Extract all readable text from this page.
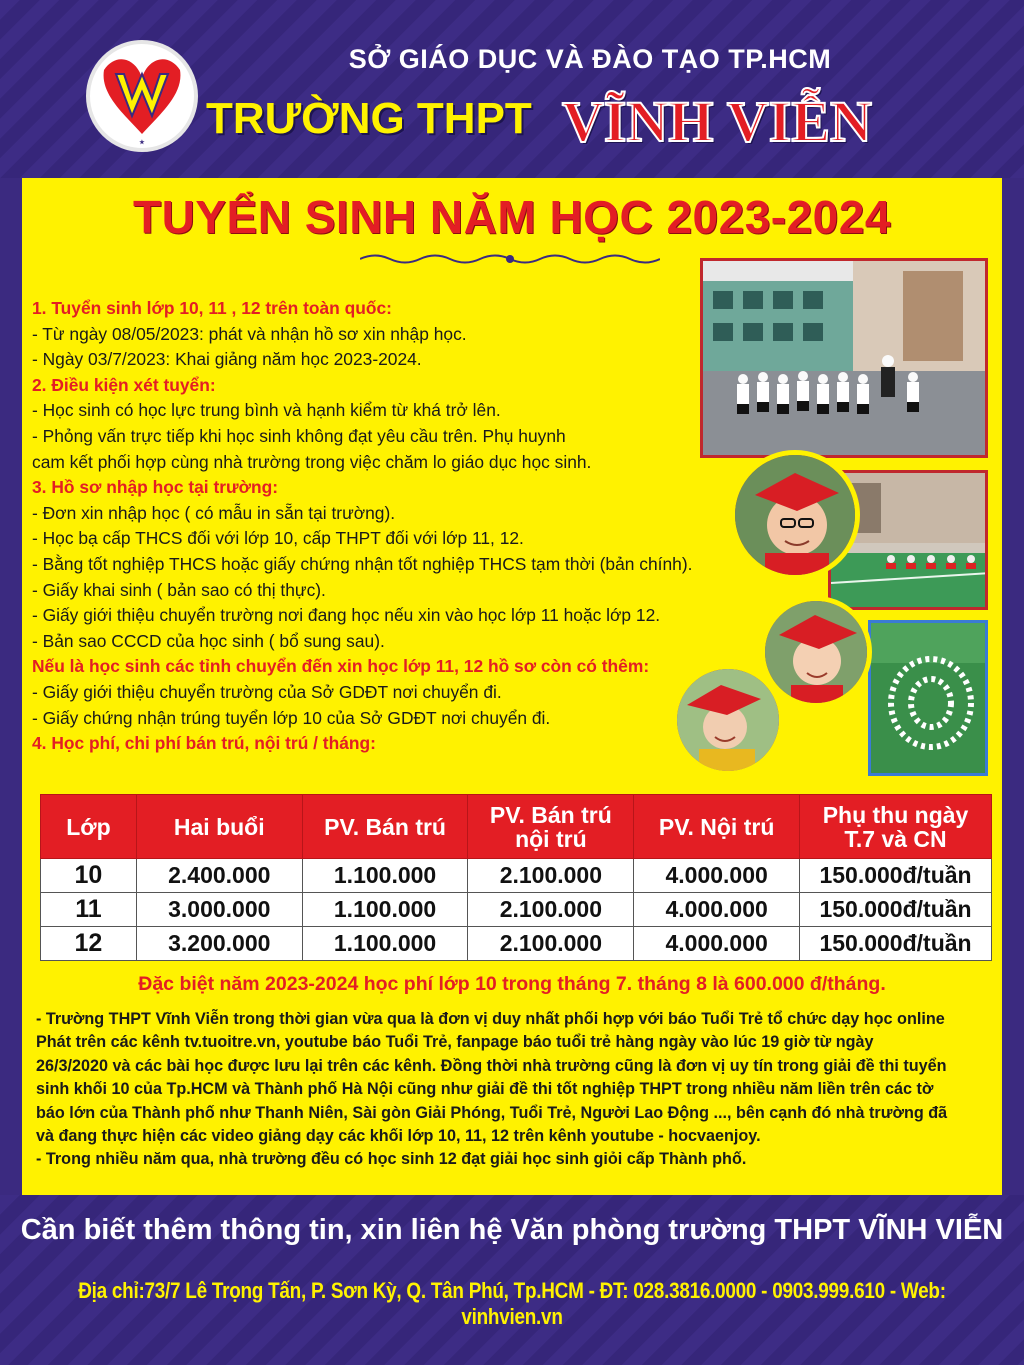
★
SỞ GIÁO DỤC VÀ ĐÀO TẠO TP.HCM
TRƯỜNG THPT VĨNH VIỄN
TUYỂN SINH NĂM HỌC 2023-2024
1. Tuyển sinh lớp 10, 11 , 12 trên toàn quốc:
- Từ ngày 08/05/2023: phát và nhận hồ sơ xin nhập học.
- Ngày 03/7/2023: Khai giảng năm học 2023-2024.
2. Điều kiện xét tuyển:
- Học sinh có học lực trung bình và hạnh kiểm từ khá trở lên.
- Phỏng vấn trực tiếp khi học sinh không đạt yêu cầu trên. Phụ huynh
cam kết phối hợp cùng nhà trường trong việc chăm lo giáo dục học sinh.
3. Hồ sơ nhập học tại trường:
- Đơn xin nhập học ( có mẫu in sẵn tại trường).
- Học bạ cấp THCS đối với lớp 10, cấp THPT đối với lớp 11, 12.
- Bằng tốt nghiệp THCS hoặc giấy chứng nhận tốt nghiệp THCS tạm thời (bản chính).
- Giấy khai sinh ( bản sao có thị thực).
- Giấy giới thiệu chuyển trường nơi đang học nếu xin vào học lớp 11 hoặc lớp 12.
- Bản sao CCCD của học sinh ( bổ sung sau).
Nếu là học sinh các tỉnh chuyển đến xin học lớp 11, 12 hồ sơ còn có thêm:
- Giấy giới thiệu chuyển trường của Sở GDĐT nơi chuyển đi.
- Giấy chứng nhận trúng tuyển lớp 10 của Sở GDĐT nơi chuyển đi.
4. Học phí, chi phí bán trú, nội trú / tháng:
Lớp	Hai buổi	PV. Bán trú	PV. Bán trú
nội trú	PV. Nội trú	Phụ thu ngày
T.7 và CN
10	2.400.000	1.100.000	2.100.000	4.000.000	150.000đ/tuần
11	3.000.000	1.100.000	2.100.000	4.000.000	150.000đ/tuần
12	3.200.000	1.100.000	2.100.000	4.000.000	150.000đ/tuần
Đặc biệt năm 2023-2024 học phí lớp 10 trong tháng 7. tháng 8 là 600.000 đ/tháng.
- Trường THPT Vĩnh Viễn trong thời gian vừa qua là đơn vị duy nhất phối hợp với báo Tuổi Trẻ tổ chức dạy học online
Phát trên các kênh tv.tuoitre.vn, youtube báo Tuổi Trẻ, fanpage báo tuổi trẻ hàng ngày vào lúc 19 giờ từ ngày
26/3/2020 và các bài học được lưu lại trên các kênh. Đồng thời nhà trường cũng là đơn vị uy tín trong giải đề thi tuyển
sinh khối 10 của Tp.HCM và Thành phố Hà Nội cũng như giải đề thi tốt nghiệp THPT trong nhiều năm liền trên các tờ
báo lớn của Thành phố như Thanh Niên, Sài gòn Giải Phóng, Tuổi Trẻ, Người Lao Động ..., bên cạnh đó nhà trường đã
và đang thực hiện các video giảng dạy các khối lớp 10, 11, 12 trên kênh youtube - hocvaenjoy.
- Trong nhiều năm qua, nhà trường đều có học sinh 12 đạt giải học sinh giỏi cấp Thành phố.
Cần biết thêm thông tin, xin liên hệ Văn phòng trường THPT VĨNH VIỄN
Địa chỉ:73/7 Lê Trọng Tấn, P. Sơn Kỳ, Q. Tân Phú, Tp.HCM - ĐT: 028.3816.0000 - 0903.999.610 - Web: vinhvien.vn
